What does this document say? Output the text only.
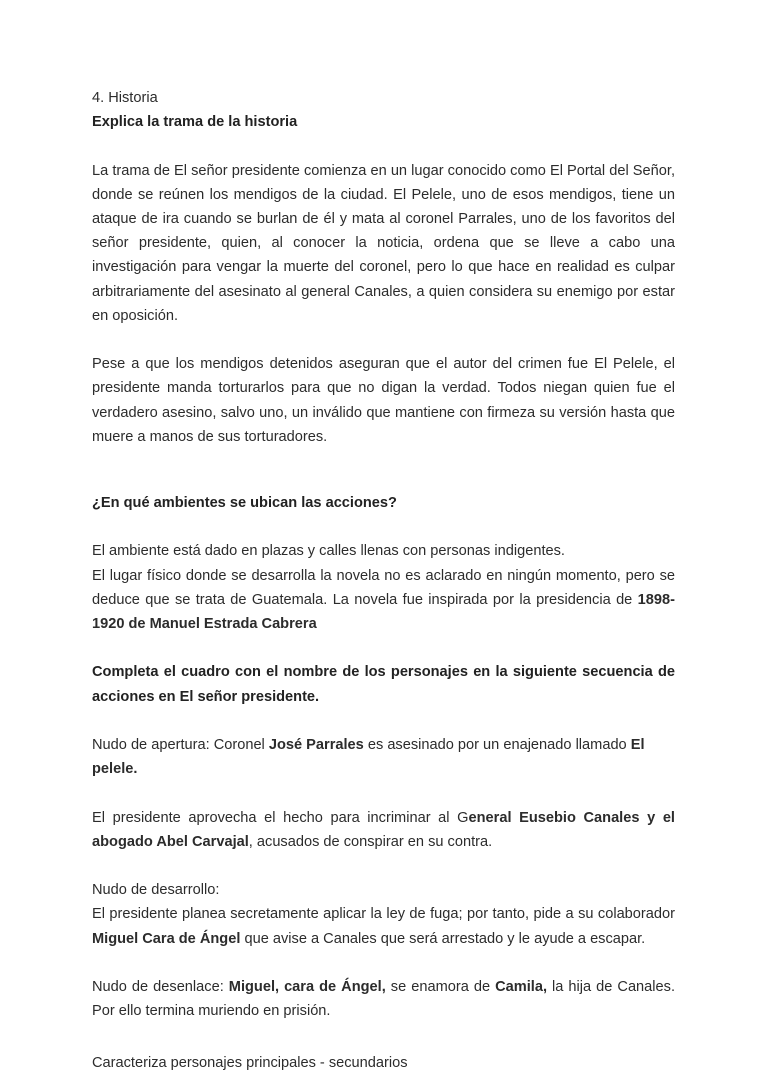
4. Historia
Explica la trama de la historia

La trama de El señor presidente comienza en un lugar conocido como El Portal del Señor, donde se reúnen los mendigos de la ciudad. El Pelele, uno de esos mendigos, tiene un ataque de ira cuando se burlan de él y mata al coronel Parrales, uno de los favoritos del señor presidente, quien, al conocer la noticia, ordena que se lleve a cabo una investigación para vengar la muerte del coronel, pero lo que hace en realidad es culpar arbitrariamente del asesinato al general Canales, a quien considera su enemigo por estar en oposición.

Pese a que los mendigos detenidos aseguran que el autor del crimen fue El Pelele, el presidente manda torturarlos para que no digan la verdad. Todos niegan quien fue el verdadero asesino, salvo uno, un inválido que mantiene con firmeza su versión hasta que muere a manos de sus torturadores.

¿En qué ambientes se ubican las acciones?
El ambiente está dado en plazas y calles llenas con personas indigentes.

El lugar físico donde se desarrolla la novela no es aclarado en ningún momento, pero se deduce que se trata de Guatemala. La novela fue inspirada por la presidencia de 1898-1920 de Manuel Estrada Cabrera

Completa el cuadro con el nombre de los personajes en la siguiente secuencia de acciones en El señor presidente.

Nudo de apertura: Coronel José Parrales es asesinado por un enajenado llamado El pelele.

El presidente aprovecha el hecho para incriminar al General Eusebio Canales y el abogado Abel Carvajal, acusados de conspirar en su contra.

Nudo de desarrollo:

El presidente planea secretamente aplicar la ley de fuga; por tanto, pide a su colaborador Miguel Cara de Ángel que avise a Canales que será arrestado y le ayude a escapar.

Nudo de desenlace: Miguel, cara de Ángel, se enamora de Camila, la hija de Canales. Por ello termina muriendo en prisión.

Caracteriza personajes principales - secundarios
